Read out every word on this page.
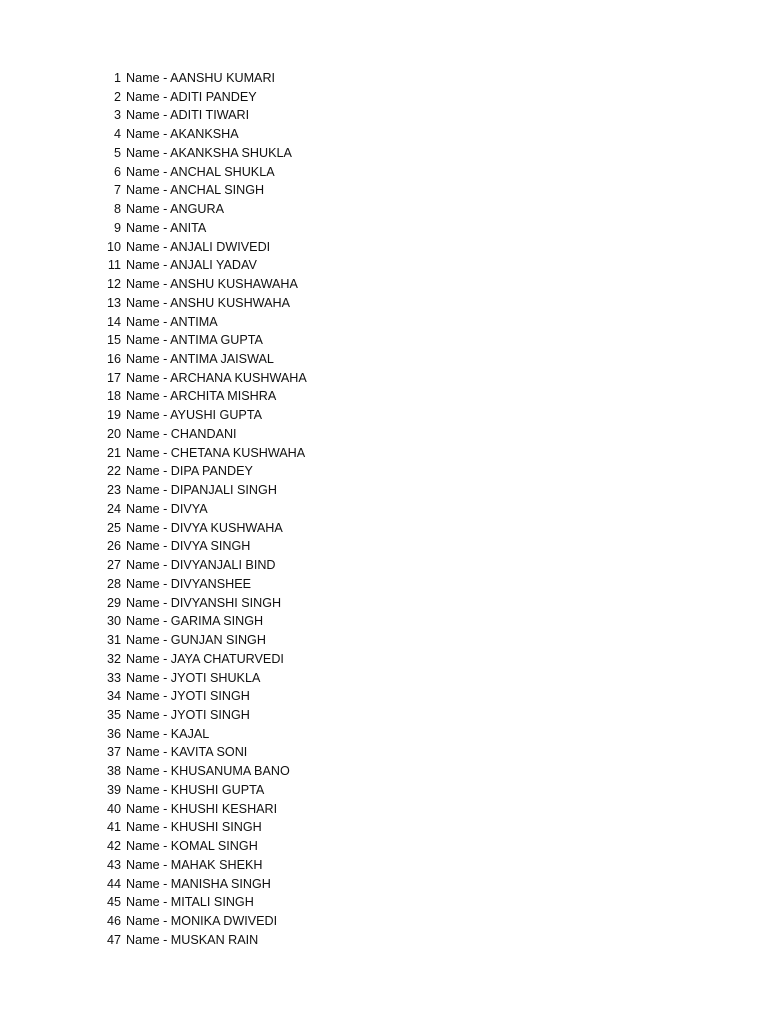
1 Name - AANSHU KUMARI
2 Name - ADITI PANDEY
3 Name - ADITI TIWARI
4 Name - AKANKSHA
5 Name - AKANKSHA SHUKLA
6 Name - ANCHAL SHUKLA
7 Name - ANCHAL SINGH
8 Name - ANGURA
9 Name - ANITA
10 Name - ANJALI DWIVEDI
11 Name - ANJALI YADAV
12 Name - ANSHU KUSHAWAHA
13 Name - ANSHU KUSHWAHA
14 Name - ANTIMA
15 Name - ANTIMA GUPTA
16 Name - ANTIMA JAISWAL
17 Name - ARCHANA KUSHWAHA
18 Name - ARCHITA MISHRA
19 Name - AYUSHI GUPTA
20 Name - CHANDANI
21 Name - CHETANA KUSHWAHA
22 Name - DIPA PANDEY
23 Name - DIPANJALI SINGH
24 Name - DIVYA
25 Name - DIVYA KUSHWAHA
26 Name - DIVYA SINGH
27 Name - DIVYANJALI BIND
28 Name - DIVYANSHEE
29 Name - DIVYANSHI SINGH
30 Name - GARIMA SINGH
31 Name - GUNJAN SINGH
32 Name - JAYA CHATURVEDI
33 Name - JYOTI SHUKLA
34 Name - JYOTI SINGH
35 Name - JYOTI SINGH
36 Name - KAJAL
37 Name - KAVITA SONI
38 Name - KHUSANUMA BANO
39 Name - KHUSHI GUPTA
40 Name - KHUSHI KESHARI
41 Name - KHUSHI SINGH
42 Name - KOMAL SINGH
43 Name - MAHAK SHEKH
44 Name - MANISHA SINGH
45 Name - MITALI SINGH
46 Name - MONIKA DWIVEDI
47 Name - MUSKAN RAIN
